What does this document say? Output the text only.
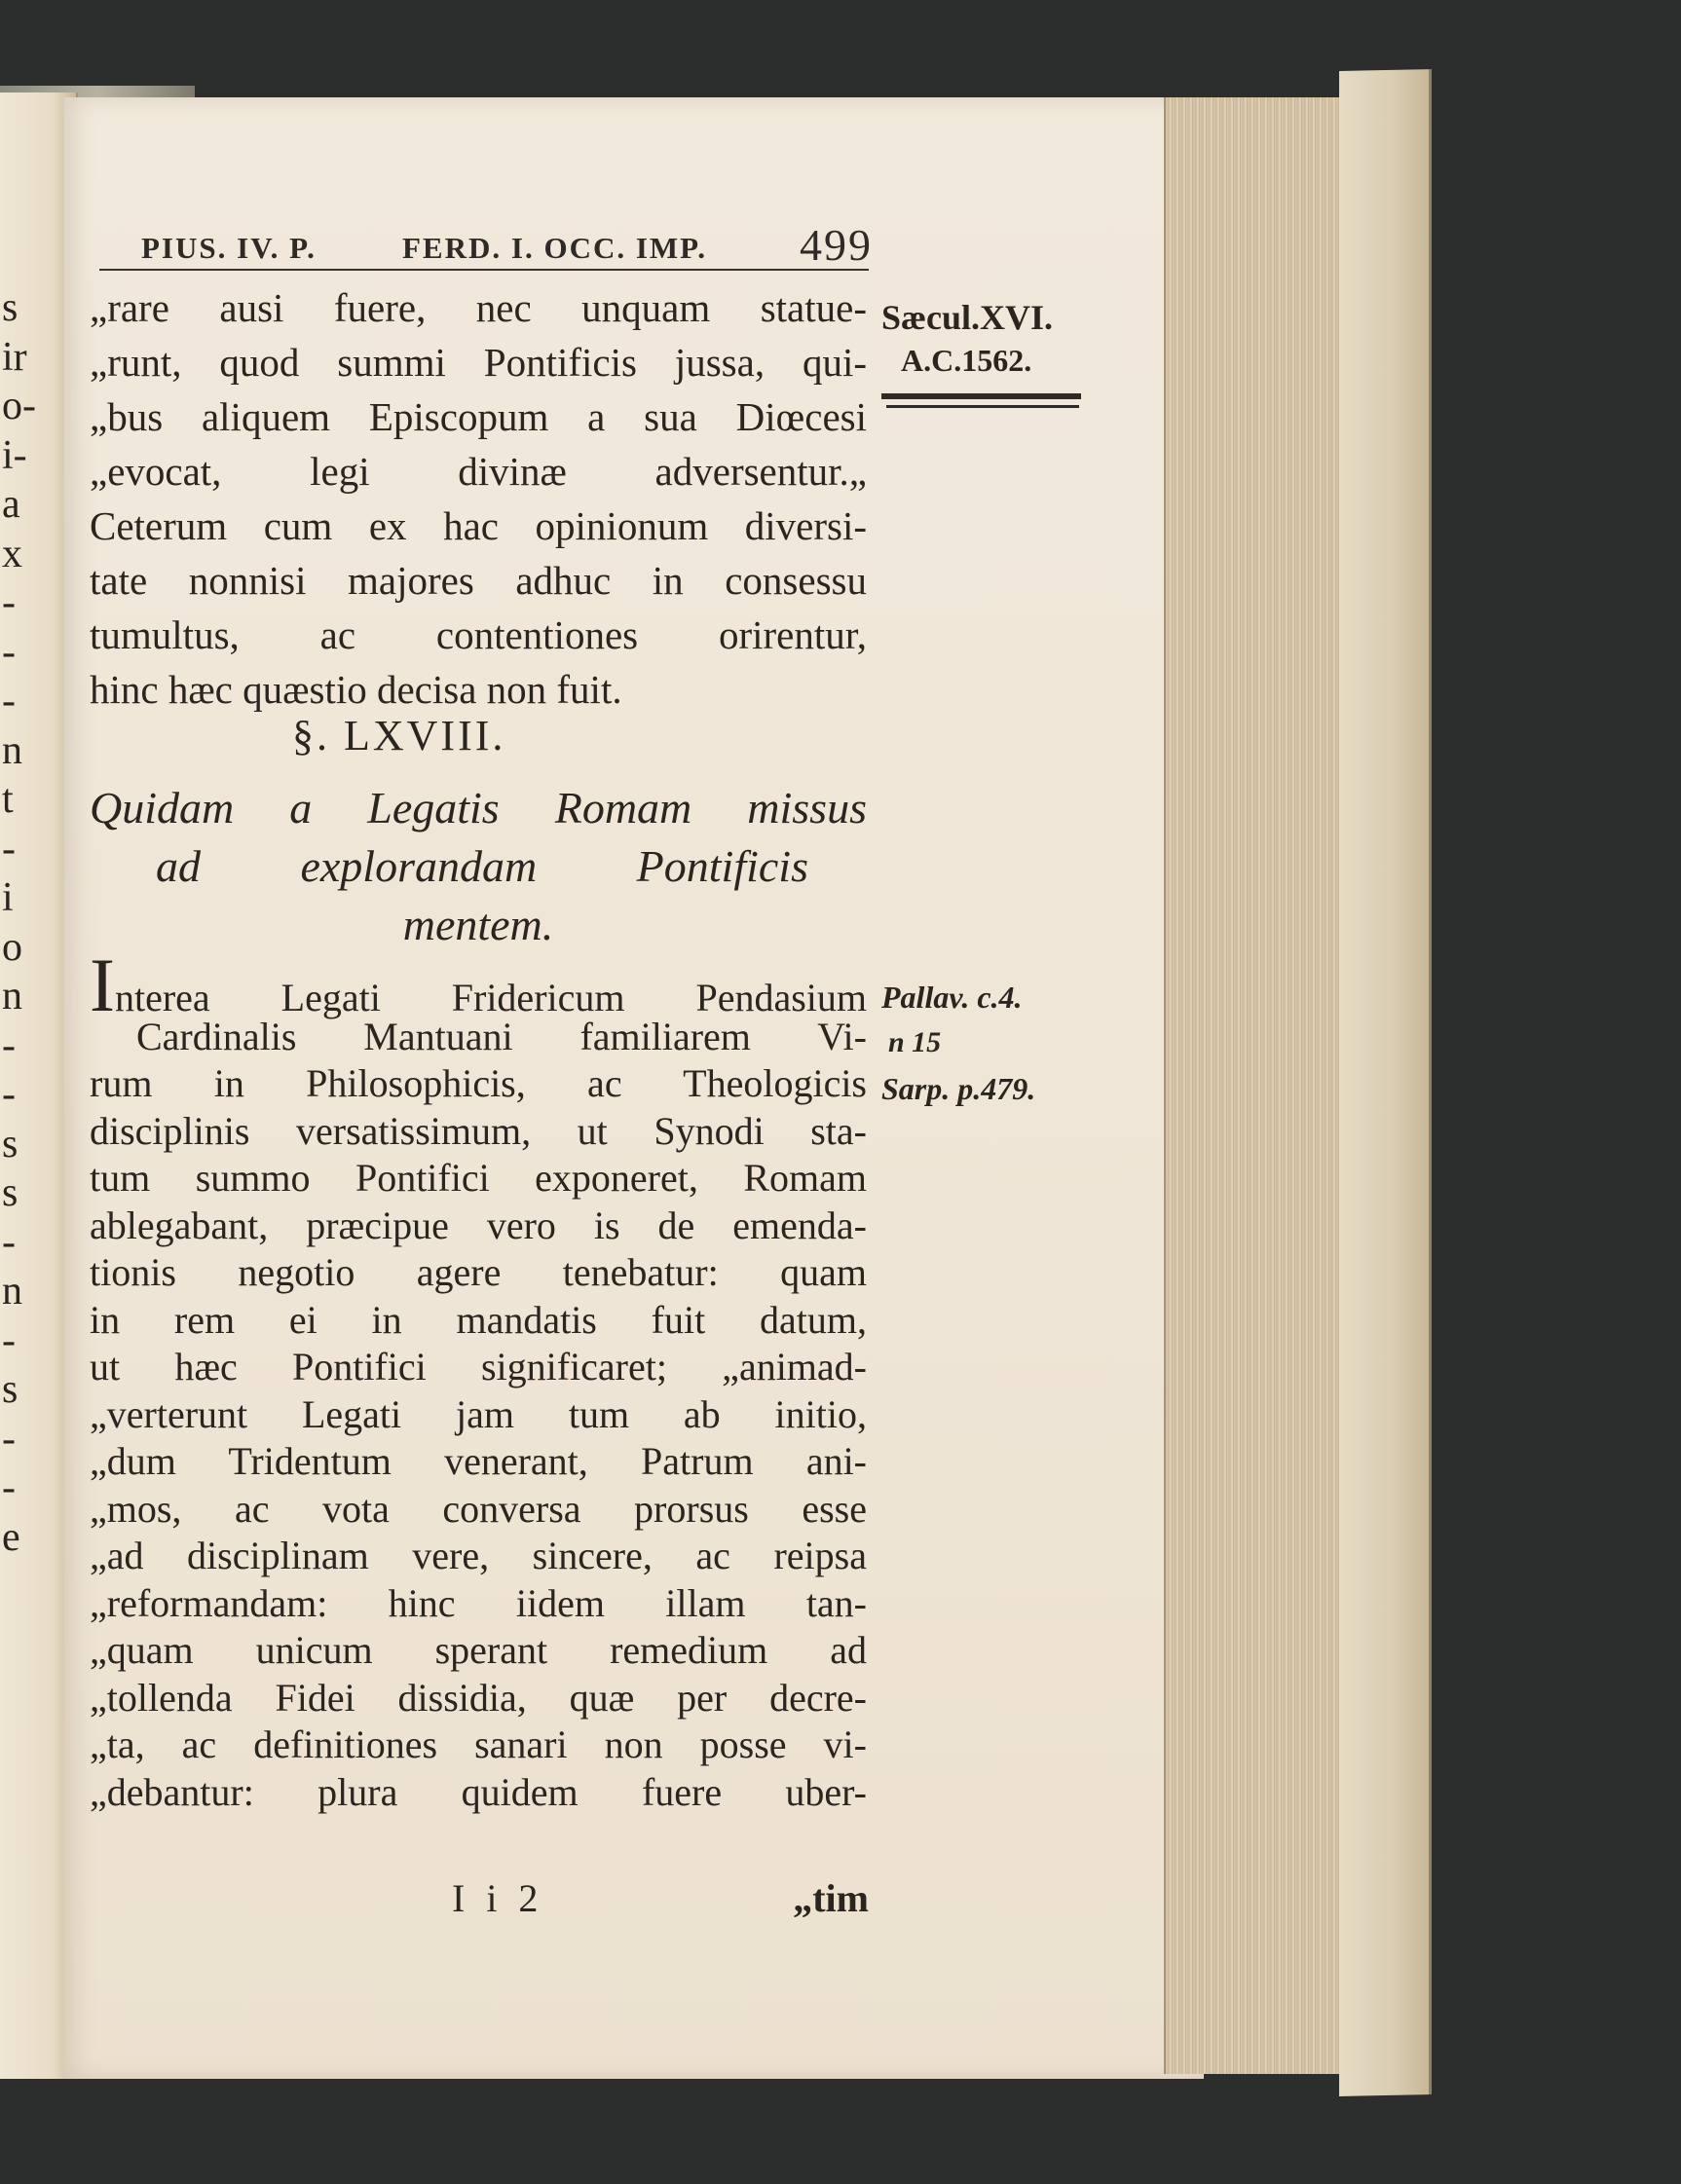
s
ir
o-
i-
a
x
-
-
-
n
t
-
i
o
n
-
-
s
s
-
n
-
s
-
-
e
PIUS. IV. P.	FERD. I. OCC. IMP. 499
„rare ausi fuere, nec unquam statue-
„runt, quod summi Pontificis jussa, qui-
„bus aliquem Episcopum a sua Diœcesi
„evocat, legi divinæ adversentur.„
Ceterum cum ex hac opinionum diversi-
tate nonnisi majores adhuc in consessu
tumultus, ac contentiones orirentur,
hinc hæc quæstio decisa non fuit.
§. LXVIII.
Quidam a Legatis Romam missus
ad explorandam Pontificis
mentem.
Interea Legati Fridericum Pendasium
Cardinalis Mantuani familiarem Vi-
rum in Philosophicis, ac Theologicis
disciplinis versatissimum, ut Synodi sta-
tum summo Pontifici exponeret, Romam
ablegabant, præcipue vero is de emenda-
tionis negotio agere tenebatur: quam
in rem ei in mandatis fuit datum,
ut hæc Pontifici significaret; „animad-
„verterunt Legati jam tum ab initio,
„dum Tridentum venerant, Patrum ani-
„mos, ac vota conversa prorsus esse
„ad disciplinam vere, sincere, ac reipsa
„reformandam: hinc iidem illam tan-
„quam unicum sperant remedium ad
„tollenda Fidei dissidia, quæ per decre-
„ta, ac definitiones sanari non posse vi-
„debantur: plura quidem fuere uber-
I i 2	„tim
Sæcul.XVI.
A.C.1562.
Pallav. c.4.
n 15
Sarp. p.479.
